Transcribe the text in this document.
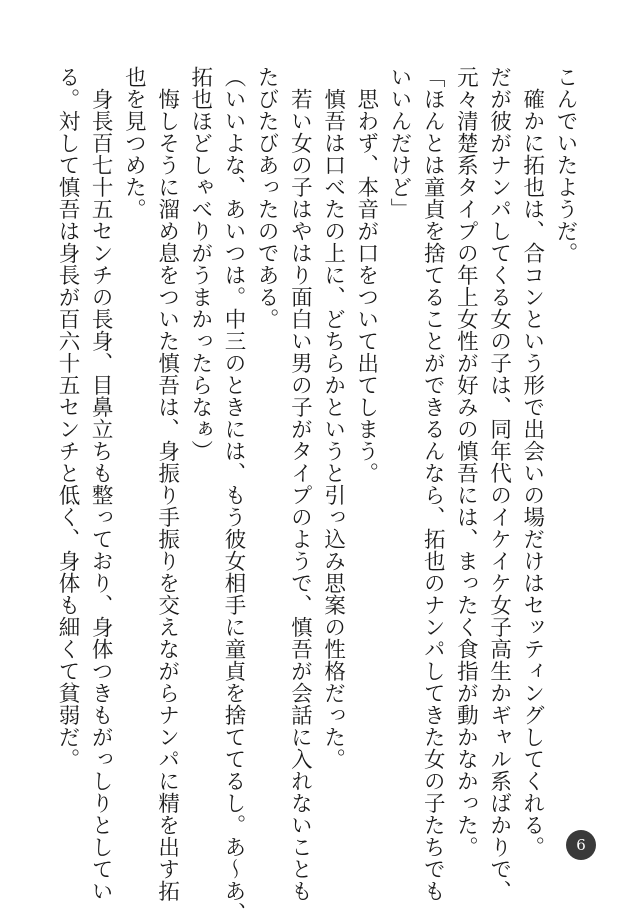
こんでいたようだ。
　確かに拓也は、合コンという形で出会いの場だけはセッティングしてくれる。
だが彼がナンパしてくる女の子は、同年代のイケイケ女子高生かギャル系ばかりで、
元々清楚系タイプの年上女性が好みの慎吾には、まったく食指が動かなかった。
「ほんとは童貞を捨てることができるんなら、拓也のナンパしてきた女の子たちでも
いいんだけど」
　思わず、本音が口をついて出てしまう。
　慎吾は口べたの上に、どちらかというと引っ込み思案の性格だった。
　若い女の子はやはり面白い男の子がタイプのようで、慎吾が会話に入れないことも
たびたびあったのである。
（いいよな、あいつは。中三のときには、もう彼女相手に童貞を捨ててるし。あ～あ、
拓也ほどしゃべりがうまかったらなぁ）
　悔しそうに溜め息をついた慎吾は、身振り手振りを交えながらナンパに精を出す拓
也を見つめた。
　身長百七十五センチの長身、目鼻立ちも整っており、身体つきもがっしりとしてい
る。対して慎吾は身長が百六十五センチと低く、身体も細くて貧弱だ。
6
